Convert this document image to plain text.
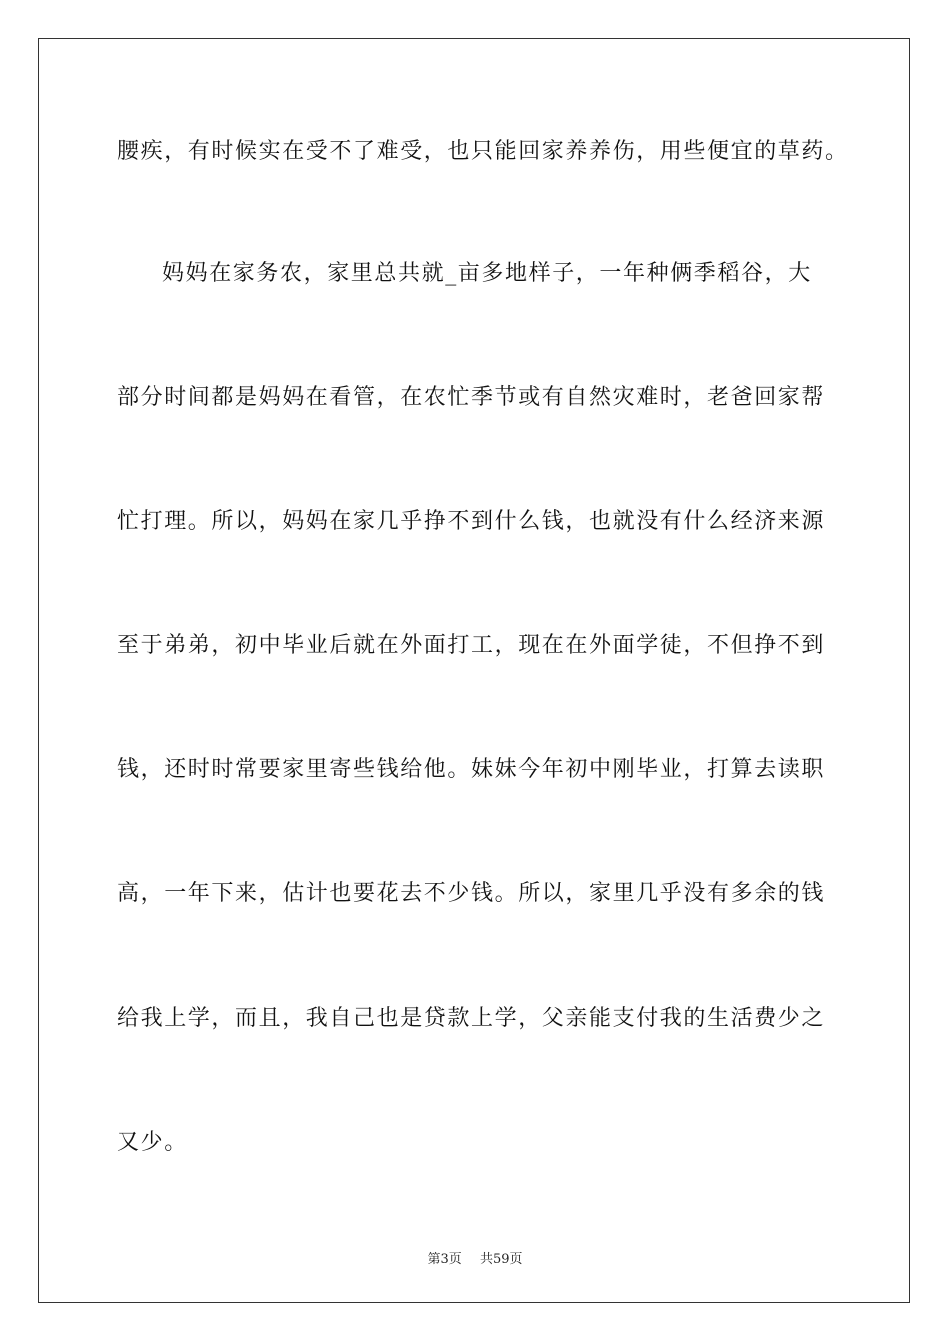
腰疾，有时候实在受不了难受，也只能回家养养伤，用些便宜的草药。
妈妈在家务农，家里总共就_亩多地样子，一年种俩季稻谷，大
部分时间都是妈妈在看管，在农忙季节或有自然灾难时，老爸回家帮
忙打理。所以，妈妈在家几乎挣不到什么钱，也就没有什么经济来源
至于弟弟，初中毕业后就在外面打工，现在在外面学徒，不但挣不到
钱，还时时常要家里寄些钱给他。妹妹今年初中刚毕业，打算去读职
高，一年下来，估计也要花去不少钱。所以，家里几乎没有多余的钱
给我上学，而且，我自己也是贷款上学，父亲能支付我的生活费少之
又少。
第3页 共59页
